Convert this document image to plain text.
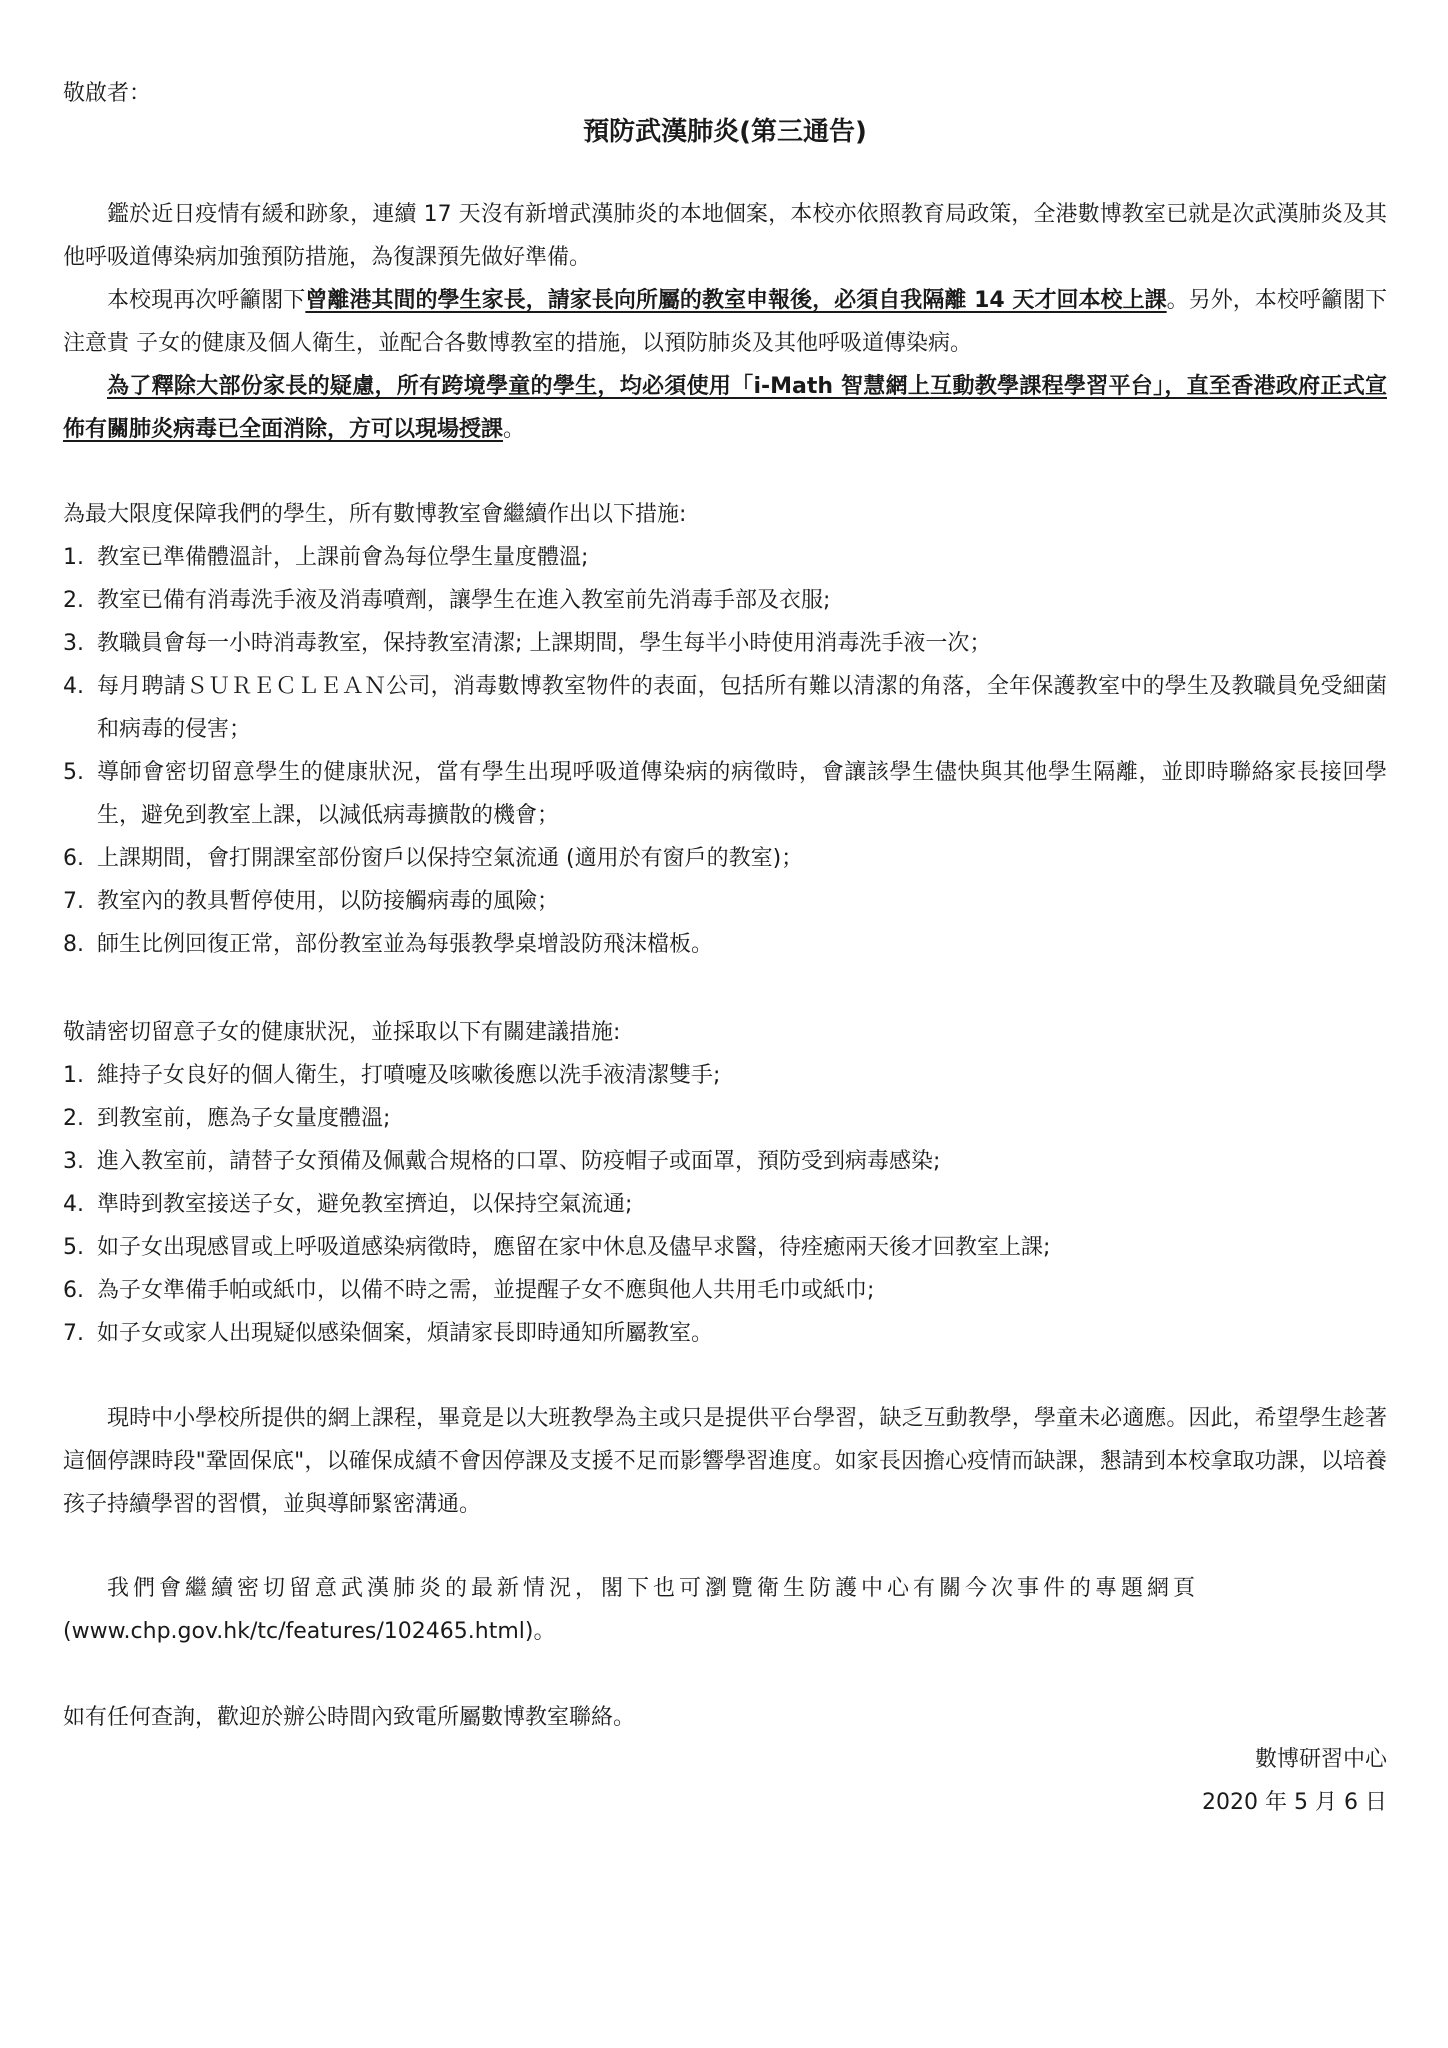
敬啟者：
預防武漢肺炎(第三通告)
鑑於近日疫情有緩和跡象，連續 17 天沒有新增武漢肺炎的本地個案，本校亦依照教育局政策，全港數博教室已就是次武漢肺炎及其他呼吸道傳染病加強預防措施，為復課預先做好準備。
本校現再次呼籲閣下曾離港其間的學生家長，請家長向所屬的教室申報後，必須自我隔離 14 天才回本校上課。另外，本校呼籲閣下注意貴 子女的健康及個人衛生，並配合各數博教室的措施，以預防肺炎及其他呼吸道傳染病。
為了釋除大部份家長的疑慮，所有跨境學童的學生，均必須使用「i-Math 智慧網上互動教學課程學習平台」，直至香港政府正式宣佈有關肺炎病毒已全面消除，方可以現場授課。
為最大限度保障我們的學生，所有數博教室會繼續作出以下措施:
1. 教室已準備體溫計，上課前會為每位學生量度體溫;
2. 教室已備有消毒洗手液及消毒噴劑，讓學生在進入教室前先消毒手部及衣服;
3. 教職員會每一小時消毒教室，保持教室清潔; 上課期間，學生每半小時使用消毒洗手液一次；
4. 每月聘請ＳＵＲＥＣＬＥＡＮ公司，消毒數博教室物件的表面，包括所有難以清潔的角落，全年保護教室中的學生及教職員免受細菌和病毒的侵害；
5. 導師會密切留意學生的健康狀況，當有學生出現呼吸道傳染病的病徵時，會讓該學生儘快與其他學生隔離，並即時聯絡家長接回學生，避免到教室上課，以減低病毒擴散的機會；
6. 上課期間，會打開課室部份窗戶以保持空氣流通 (適用於有窗戶的教室)；
7. 教室內的教具暫停使用，以防接觸病毒的風險；
8. 師生比例回復正常，部份教室並為每張教學桌增設防飛沫檔板。
敬請密切留意子女的健康狀況，並採取以下有關建議措施:
1. 維持子女良好的個人衛生，打噴嚏及咳嗽後應以洗手液清潔雙手;
2. 到教室前，應為子女量度體溫;
3. 進入教室前，請替子女預備及佩戴合規格的口罩、防疫帽子或面罩，預防受到病毒感染;
4. 準時到教室接送子女，避免教室擠迫，以保持空氣流通;
5. 如子女出現感冒或上呼吸道感染病徵時，應留在家中休息及儘早求醫，待痊癒兩天後才回教室上課;
6. 為子女準備手帕或紙巾，以備不時之需，並提醒子女不應與他人共用毛巾或紙巾;
7. 如子女或家人出現疑似感染個案，煩請家長即時通知所屬教室。
現時中小學校所提供的網上課程，畢竟是以大班教學為主或只是提供平台學習，缺乏互動教學，學童未必適應。因此，希望學生趁著這個停課時段"鞏固保底"，以確保成績不會因停課及支援不足而影響學習進度。如家長因擔心疫情而缺課，懇請到本校拿取功課，以培養孩子持續學習的習慣，並與導師緊密溝通。
我們會繼續密切留意武漢肺炎的最新情況，閣下也可瀏覽衛生防護中心有關今次事件的專題網頁
(www.chp.gov.hk/tc/features/102465.html)。
如有任何查詢，歡迎於辦公時間內致電所屬數博教室聯絡。
數博研習中心
2020 年 5 月 6 日
